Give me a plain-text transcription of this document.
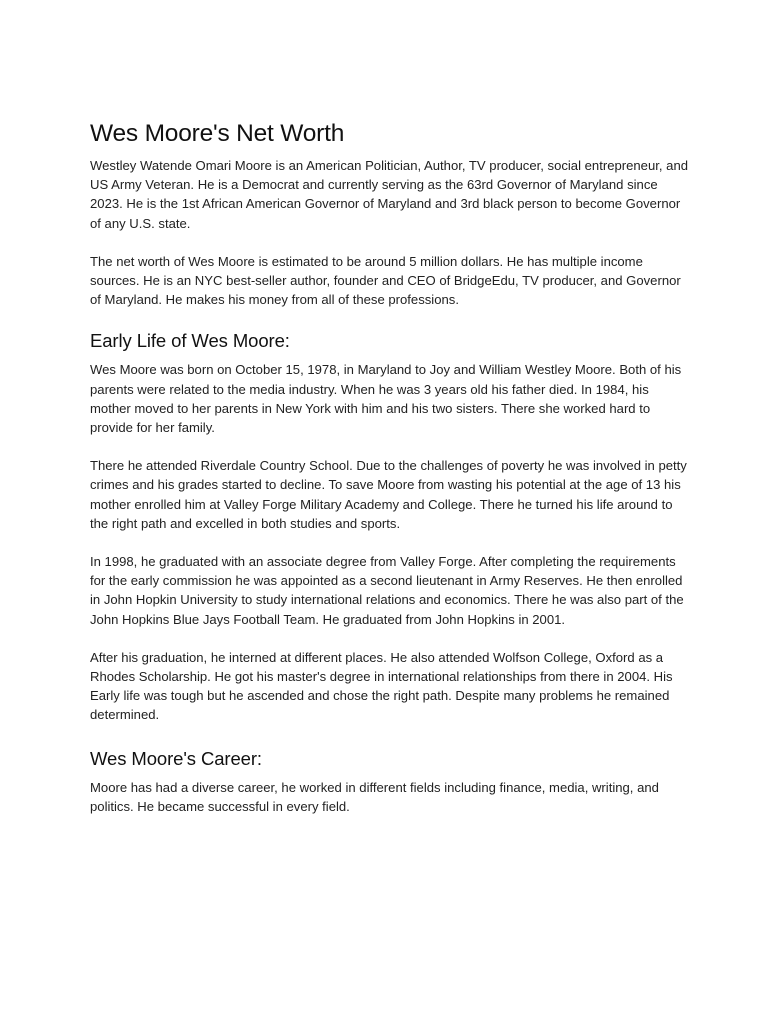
Wes Moore's Net Worth

Westley Watende Omari Moore is an American Politician, Author, TV producer, social entrepreneur, and US Army Veteran. He is a Democrat and currently serving as the 63rd Governor of Maryland since 2023. He is the 1st African American Governor of Maryland and 3rd black person to become Governor of any U.S. state.

The net worth of Wes Moore is estimated to be around 5 million dollars. He has multiple income sources. He is an NYC best-seller author, founder and CEO of BridgeEdu, TV producer, and Governor of Maryland. He makes his money from all of these professions.

Early Life of Wes Moore:

Wes Moore was born on October 15, 1978, in Maryland to Joy and William Westley Moore. Both of his parents were related to the media industry. When he was 3 years old his father died. In 1984, his mother moved to her parents in New York with him and his two sisters. There she worked hard to provide for her family.

There he attended Riverdale Country School. Due to the challenges of poverty he was involved in petty crimes and his grades started to decline. To save Moore from wasting his potential at the age of 13 his mother enrolled him at Valley Forge Military Academy and College. There he turned his life around to the right path and excelled in both studies and sports.

In 1998, he graduated with an associate degree from Valley Forge. After completing the requirements for the early commission he was appointed as a second lieutenant in Army Reserves. He then enrolled in John Hopkin University to study international relations and economics. There he was also part of the John Hopkins Blue Jays Football Team. He graduated from John Hopkins in 2001.

After his graduation, he interned at different places. He also attended Wolfson College, Oxford as a Rhodes Scholarship. He got his master's degree in international relationships from there in 2004. His Early life was tough but he ascended and chose the right path. Despite many problems he remained determined.

Wes Moore's Career:

Moore has had a diverse career, he worked in different fields including finance, media, writing, and politics. He became successful in every field.
